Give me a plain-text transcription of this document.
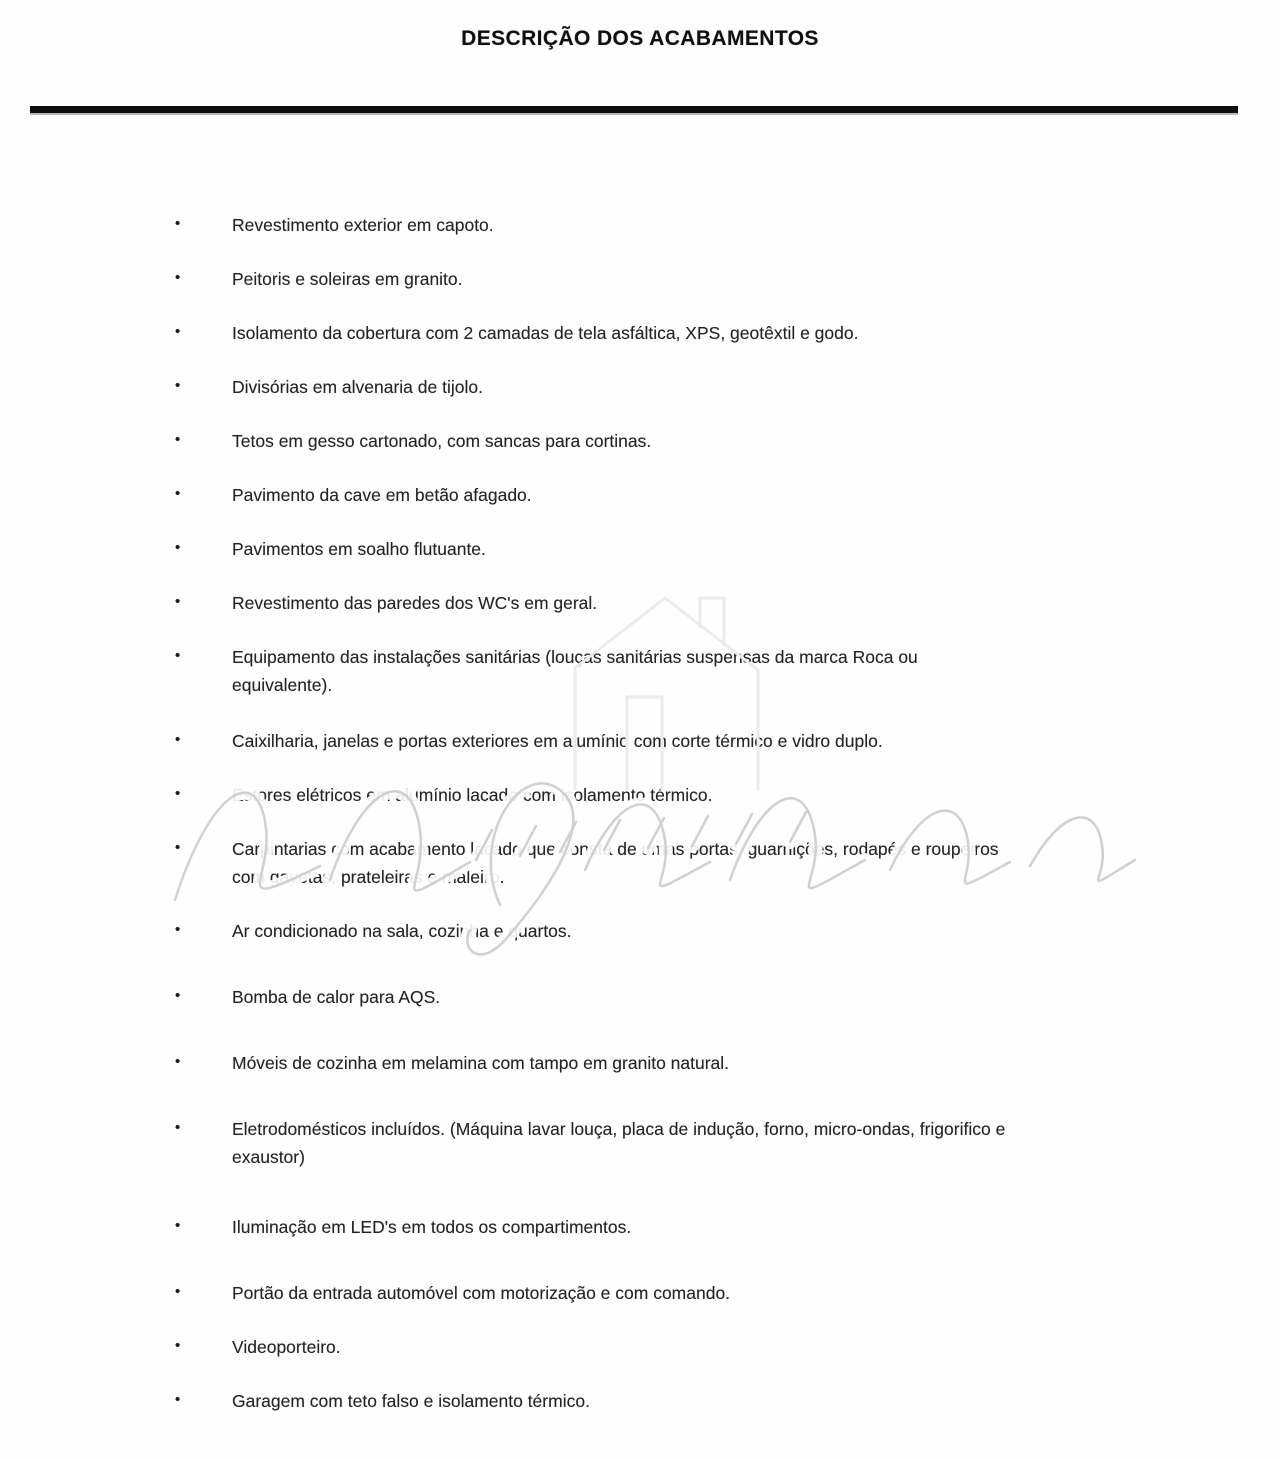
DESCRIÇÃO DOS ACABAMENTOS
•	Revestimento exterior em capoto.
•	Peitoris e soleiras em granito.
•	Isolamento da cobertura com 2 camadas de tela asfáltica, XPS, geotêxtil e godo.
•	Divisórias em alvenaria de tijolo.
•	Tetos em gesso cartonado, com sancas para cortinas.
•	Pavimento da cave em betão afagado.
•	Pavimentos em soalho flutuante.
•	Revestimento das paredes dos WC's em geral.
•	Equipamento das instalações sanitárias (louças sanitárias suspensas da marca Roca ou
equivalente).
•	Caixilharia, janelas e portas exteriores em alumínio com corte térmico e vidro duplo.
•	Estores elétricos em alumínio lacado com isolamento térmico.
•	Carpintarias com acabamento lacado que consta de umas portas, guarnições, rodapés e roupeiros
com gavetas, prateleiras e maleiro.
•	Ar condicionado na sala, cozinha e quartos.
•	Bomba de calor para AQS.
•	Móveis de cozinha em melamina com tampo em granito natural.
•	Eletrodomésticos incluídos. (Máquina lavar louça, placa de indução, forno, micro-ondas, frigorifico e
exaustor)
•	Iluminação em LED's em todos os compartimentos.
•	Portão da entrada automóvel com motorização e com comando.
•	Videoporteiro.
•	Garagem com teto falso e isolamento térmico.
